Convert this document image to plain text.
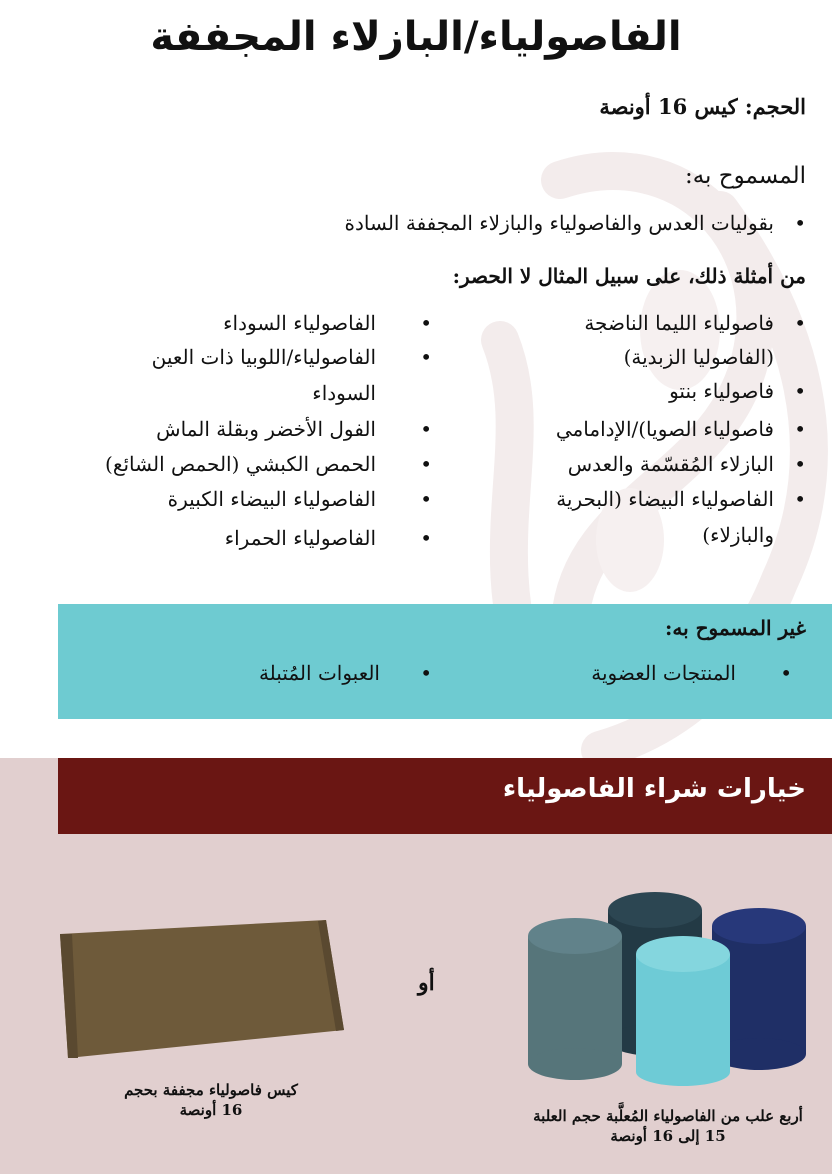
الفاصولياء/البازلاء المجففة
الحجم: كيس 16 أونصة
المسموح به:
•
بقوليات العدس والفاصولياء والبازلاء المجففة السادة
من أمثلة ذلك، على سبيل المثال لا الحصر:
•
فاصولياء الليما الناضجة
(الفاصوليا الزبدية)
•
فاصولياء بنتو
•
فاصولياء الصويا)/الإدامامي
•
البازلاء المُقسّمة والعدس
•
الفاصولياء البيضاء (البحرية
والبازلاء)
•
الفاصولياء السوداء
•
الفاصولياء/اللوبيا ذات العين
السوداء
•
الفول الأخضر وبقلة الماش
•
الحمص الكبشي (الحمص الشائع)
•
الفاصولياء البيضاء الكبيرة
•
الفاصولياء الحمراء
غير المسموح به:
•
المنتجات العضوية
•
العبوات المُتبلة
خيارات شراء الفاصولياء
أو
كيس فاصولياء مجففة بحجم
16 أونصة	أربع علب من الفاصولياء المُعلَّبة حجم العلبة
15 إلى 16 أونصة
